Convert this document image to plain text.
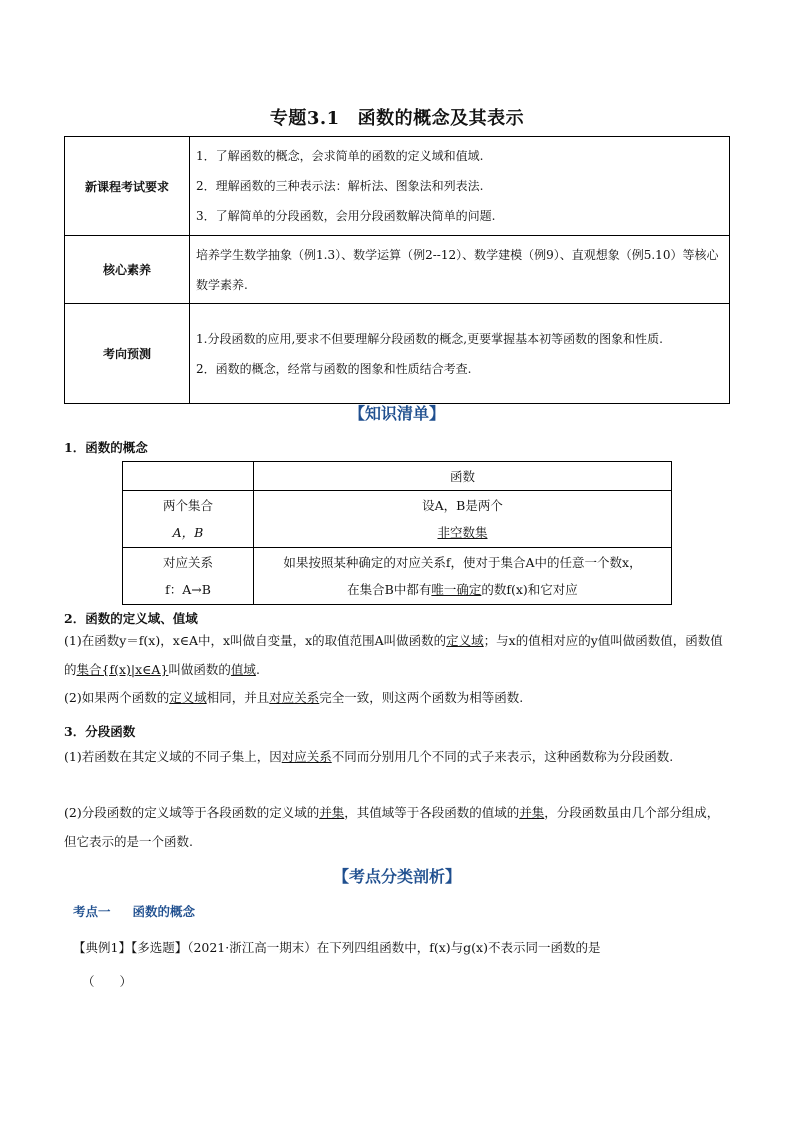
专题3.1 函数的概念及其表示
新课程考试要求	1．了解函数的概念，会求简单的函数的定义域和值域.

2．理解函数的三种表示法：解析法、图象法和列表法.

3．了解简单的分段函数，会用分段函数解决简单的问题.

核心素养	培养学生数学抽象（例1.3）、数学运算（例2--12）、数学建模（例9）、直观想象（例5.10）等核心数学素养.
考向预测	1.分段函数的应用,要求不但要理解分段函数的概念,更要掌握基本初等函数的图象和性质.

2．函数的概念，经常与函数的图象和性质结合考查.

【知识清单】
1．函数的概念
	函数
两个集合
A，B	设A，B是两个
非空数集
对应关系
f：A→B	如果按照某种确定的对应关系f，使对于集合A中的任意一个数x，
在集合B中都有唯一确定的数f(x)和它对应
2．函数的定义域、值域

(1)在函数y＝f(x)，x∈A中，x叫做自变量，x的取值范围A叫做函数的定义域；与x的值相对应的y值叫做函数值，函数值的集合{f(x)|x∈A}叫做函数的值域.

(2)如果两个函数的定义域相同，并且对应关系完全一致，则这两个函数为相等函数.

3．分段函数

(1)若函数在其定义域的不同子集上，因对应关系不同而分别用几个不同的式子来表示，这种函数称为分段函数.

(2)分段函数的定义域等于各段函数的定义域的并集，其值域等于各段函数的值域的并集，分段函数虽由几个部分组成，但它表示的是一个函数.

【考点分类剖析】
考点一 函数的概念
【典例1】【多选题】（2021·浙江高一期末）在下列四组函数中，f(x)与g(x)不表示同一函数的是
（　　）
